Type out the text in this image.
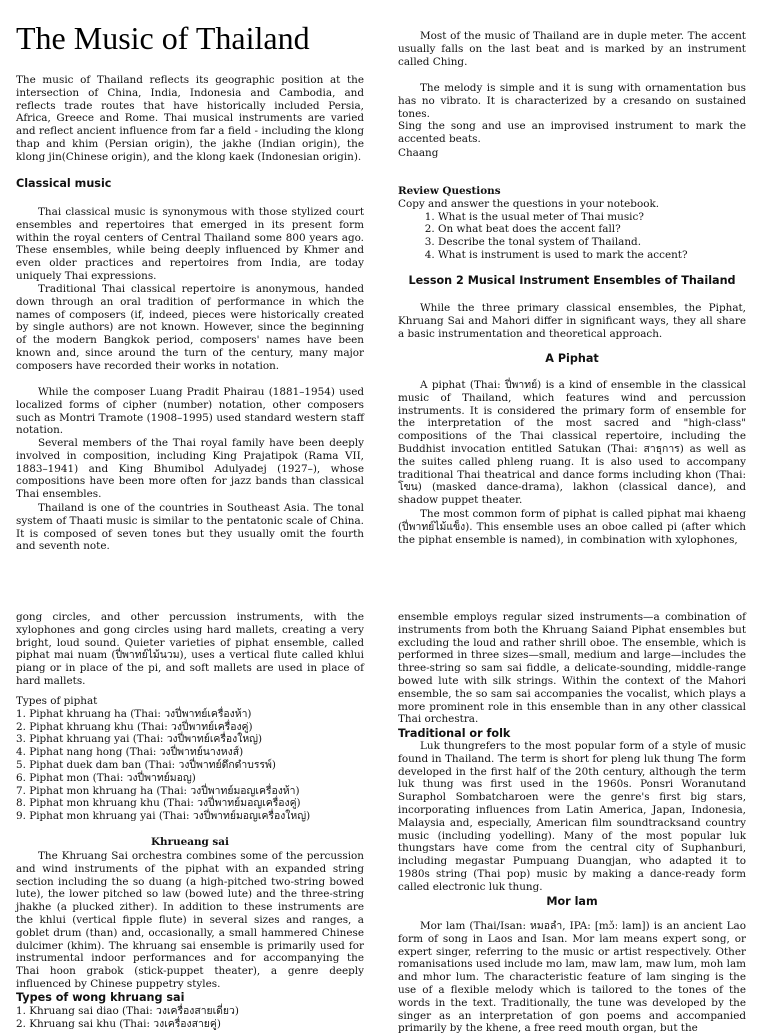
The Music of Thailand

The music of Thailand reflects its geographic position at the intersection of China, India, Indonesia and Cambodia, and reflects trade routes that have historically included Persia, Africa, Greece and Rome. Thai musical instruments are varied and reflect ancient influence from far a field - including the klong thap and khim (Persian origin), the jakhe (Indian origin), the klong jin(Chinese origin), and the klong kaek (Indonesian origin).

Classical music

Thai classical music is synonymous with those stylized court ensembles and repertoires that emerged in its present form within the royal centers of Central Thailand some 800 years ago. These ensembles, while being deeply influenced by Khmer and even older practices and repertoires from India, are today uniquely Thai expressions.

Traditional Thai classical repertoire is anonymous, handed down through an oral tradition of performance in which the names of composers (if, indeed, pieces were historically created by single authors) are not known. However, since the beginning of the modern Bangkok period, composers' names have been known and, since around the turn of the century, many major composers have recorded their works in notation.

While the composer Luang Pradit Phairau (1881–1954) used localized forms of cipher (number) notation, other composers such as Montri Tramote (1908–1995) used standard western staff notation.

Several members of the Thai royal family have been deeply involved in composition, including King Prajatipok (Rama VII, 1883–1941) and King Bhumibol Adulyadej (1927–), whose compositions have been more often for jazz bands than classical Thai ensembles.

Thailand is one of the countries in Southeast Asia. The tonal system of Thaati music is similar to the pentatonic scale of China. It is composed of seven tones but they usually omit the fourth and seventh note.

Most of the music of Thailand are in duple meter. The accent usually falls on the last beat and is marked by an instrument called Ching.

The melody is simple and it is sung with ornamentation bus has no vibrato. It is characterized by a cresando on sustained tones.

Sing the song and use an improvised instrument to mark the accented beats.

Chaang

Review Questions

Copy and answer the questions in your notebook.

1. What is the usual meter of Thai music?
2. On what beat does the accent fall?
3. Describe the tonal system of Thailand.
4. What is instrument is used to mark the accent?

Lesson 2 Musical Instrument Ensembles of Thailand

While the three primary classical ensembles, the Piphat, Khruang Sai and Mahori differ in significant ways, they all share a basic instrumentation and theoretical approach.

A Piphat

A piphat (Thai: ปี่พาทย์) is a kind of ensemble in the classical music of Thailand, which features wind and percussion instruments. It is considered the primary form of ensemble for the interpretation of the most sacred and "high-class" compositions of the Thai classical repertoire, including the Buddhist invocation entitled Satukan (Thai: สาธุการ) as well as the suites called phleng ruang. It is also used to accompany traditional Thai theatrical and dance forms including khon (Thai: โขน) (masked dance-drama), lakhon (classical dance), and shadow puppet theater.

The most common form of piphat is called piphat mai khaeng (ปี่พาทย์ไม้แข็ง). This ensemble uses an oboe called pi (after which the piphat ensemble is named), in combination with xylophones,

gong circles, and other percussion instruments, with the xylophones and gong circles using hard mallets, creating a very bright, loud sound. Quieter varieties of piphat ensemble, called piphat mai nuam (ปี่พาทย์ไม้นวม), uses a vertical flute called khlui piang or in place of the pi, and soft mallets are used in place of hard mallets.

Types of piphat

1. Piphat khruang ha (Thai: วงปี่พาทย์เครื่องห้า)
2. Piphat khruang khu (Thai: วงปี่พาทย์เครื่องคู่)
3. Piphat khruang yai (Thai: วงปี่พาทย์เครื่องใหญ่)
4. Piphat nang hong (Thai: วงปี่พาทย์นางหงส์)
5. Piphat duek dam ban (Thai: วงปี่พาทย์ดึกดำบรรพ์)
6. Piphat mon (Thai: วงปี่พาทย์มอญ)
7. Piphat mon khruang ha (Thai: วงปี่พาทย์มอญเครื่องห้า)
8. Piphat mon khruang khu (Thai: วงปี่พาทย์มอญเครื่องคู่)
9. Piphat mon khruang yai (Thai: วงปี่พาทย์มอญเครื่องใหญ่)

Khrueang sai

The Khruang Sai orchestra combines some of the percussion and wind instruments of the piphat with an expanded string section including the so duang (a high-pitched two-string bowed lute), the lower pitched so law (bowed lute) and the three-string jhakhe (a plucked zither). In addition to these instruments are the khlui (vertical fipple flute) in several sizes and ranges, a goblet drum (than) and, occasionally, a small hammered Chinese dulcimer (khim). The khruang sai ensemble is primarily used for instrumental indoor performances and for accompanying the Thai hoon grabok (stick-puppet theater), a genre deeply influenced by Chinese puppetry styles.

Types of wong khruang sai

1. Khruang sai diao (Thai: วงเครื่องสายเดี่ยว)
2. Khruang sai khu (Thai: วงเครื่องสายคู่)

ensemble employs regular sized instruments—a combination of instruments from both the Khruang Saiand Piphat ensembles but excluding the loud and rather shrill oboe. The ensemble, which is performed in three sizes—small, medium and large—includes the three-string so sam sai fiddle, a delicate-sounding, middle-range bowed lute with silk strings. Within the context of the Mahori ensemble, the so sam sai accompanies the vocalist, which plays a more prominent role in this ensemble than in any other classical Thai orchestra.

Traditional or folk

Luk thungrefers to the most popular form of a style of music found in Thailand. The term is short for pleng luk thung The form developed in the first half of the 20th century, although the term luk thung was first used in the 1960s. Ponsri Woranutand Suraphol Sombatcharoen were the genre's first big stars, incorporating influences from Latin America, Japan, Indonesia, Malaysia and, especially, American film soundtracksand country music (including yodelling). Many of the most popular luk thungstars have come from the central city of Suphanburi, including megastar Pumpuang Duangjan, who adapted it to 1980s string (Thai pop) music by making a dance-ready form called electronic luk thung.

Mor lam

Mor lam (Thai/Isan: หมอลำ, IPA: [mɔ̌ː lam]) is an ancient Lao form of song in Laos and Isan. Mor lam means expert song, or expert singer, referring to the music or artist respectively. Other romanisations used include mo lam, maw lam, maw lum, moh lam and mhor lum. The characteristic feature of lam singing is the use of a flexible melody which is tailored to the tones of the words in the text. Traditionally, the tune was developed by the singer as an interpretation of gon poems and accompanied primarily by the khene, a free reed mouth organ, but the
